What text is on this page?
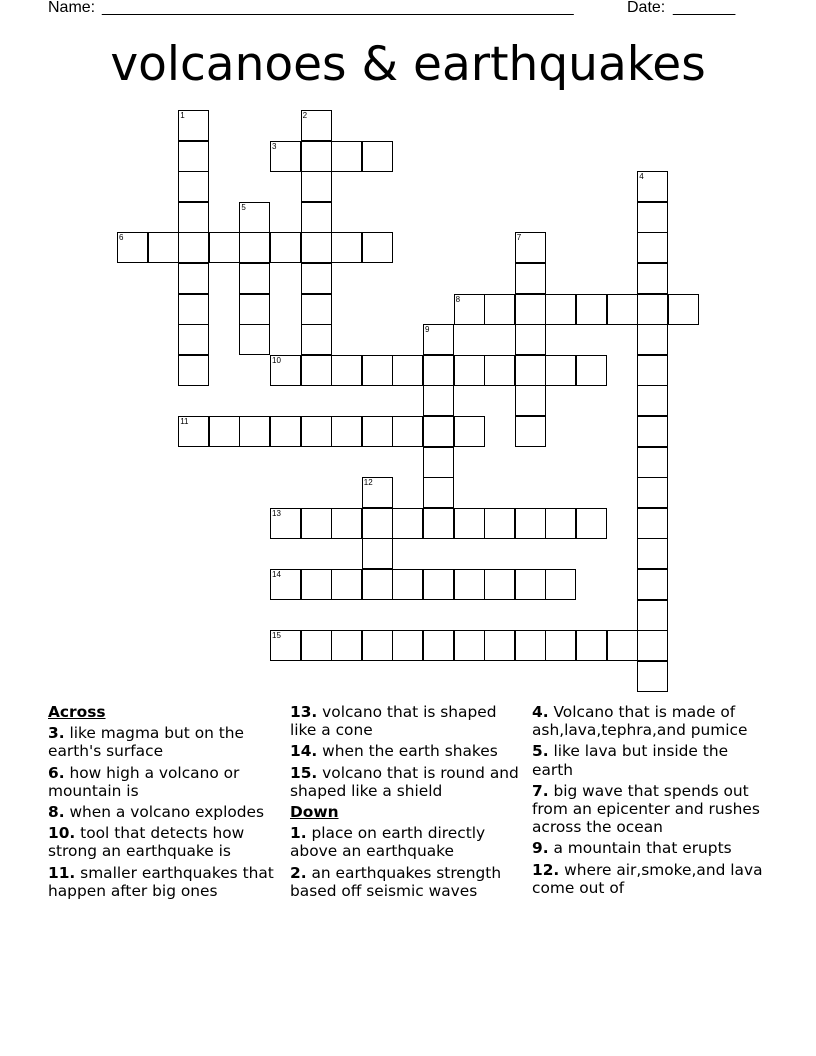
Name: _____________________________________________________	Date: _______
volcanoes & earthquakes
1	2
3
4
5
6	7
8
9
10
11
12
13
14
15
Across
3. like magma but on the earth's surface
6. how high a volcano or mountain is
8. when a volcano explodes
10. tool that detects how strong an earthquake is
11. smaller earthquakes that happen after big ones
13. volcano that is shaped like a cone
14. when the earth shakes
15. volcano that is round and shaped like a shield
Down
1. place on earth directly above an earthquake
2. an earthquakes strength based off seismic waves
4. Volcano that is made of ash,lava,tephra,and pumice
5. like lava but inside the earth
7. big wave that spends out from an epicenter and rushes across the ocean
9. a mountain that erupts
12. where air,smoke,and lava come out of
